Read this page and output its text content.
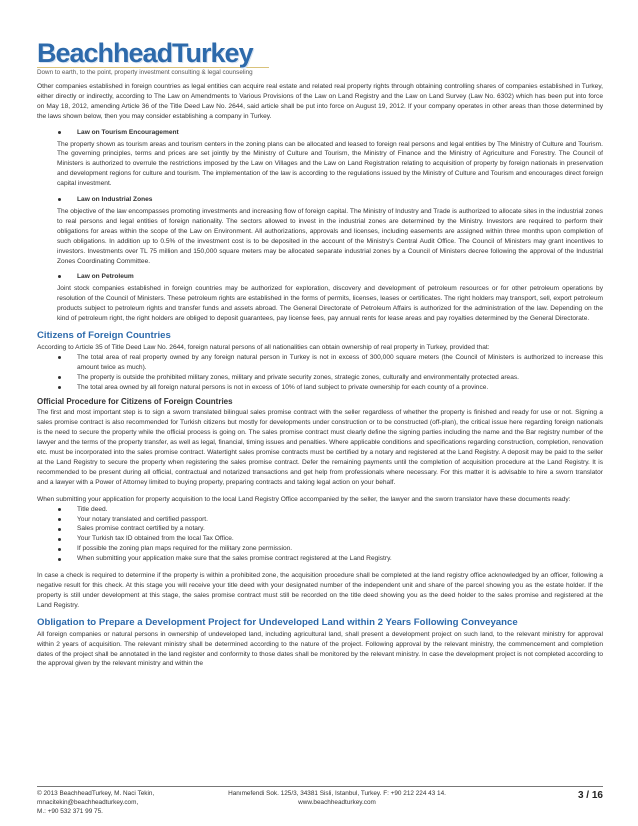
BeachheadTurkey
Down to earth, to the point, property investment consulting & legal counseling

Other companies established in foreign countries as legal entities can acquire real estate and related real property rights through obtaining controlling shares of companies established in Turkey, either directly or indirectly, according to The Law on Amendments to Various Provisions of the Law on Land Registry and the Law on Land Survey (Law No. 6302) which has been put into force on May 18, 2012, amending Article 36 of the Title Deed Law No. 2644, said article shall be put into force on August 19, 2012. If your company operates in other areas than those determined by the laws shown below, then you may consider establishing a company in Turkey.

Law on Tourism Encouragement

The property shown as tourism areas and tourism centers in the zoning plans can be allocated and leased to foreign real persons and legal entities by The Ministry of Culture and Tourism. The governing principles, terms and prices are set jointly by the Ministry of Culture and Tourism, the Ministry of Finance and the Ministry of Agriculture and Forestry. The Council of Ministers is authorized to overrule the restrictions imposed by the Law on Villages and the Law on Land Registration relating to acquisition of property by foreign nationals in preservation and development regions for culture and tourism. The implementation of the law is according to the regulations issued by the Ministry of Culture and Tourism and encourages direct foreign capital investment.

Law on Industrial Zones

The objective of the law encompasses promoting investments and increasing flow of foreign capital. The Ministry of Industry and Trade is authorized to allocate sites in the industrial zones to real persons and legal entities of foreign nationality. The sectors allowed to invest in the industrial zones are determined by the Ministry. Investors are required to perform their obligations for areas within the scope of the Law on Environment. All authorizations, approvals and licenses, including easements are assigned within three months upon completion of such obligations. In addition up to 0.5% of the investment cost is to be deposited in the account of the Ministry's Central Audit Office. The Council of Ministers may grant incentives to investors. Investments over TL 75 million and 150,000 square meters may be allocated separate industrial zones by a Council of Ministers decree following the approval of the Industrial Zones Coordinating Committee.

Law on Petroleum

Joint stock companies established in foreign countries may be authorized for exploration, discovery and development of petroleum resources or for other petroleum operations by resolution of the Council of Ministers. These petroleum rights are established in the forms of permits, licenses, leases or certificates. The right holders may transport, sell, export petroleum products subject to petroleum rights and transfer funds and assets abroad. The General Directorate of Petroleum Affairs is authorized for the administration of the law. Depending on the kind of petroleum right, the right holders are obliged to deposit guarantees, pay license fees, pay annual rents for lease areas and pay royalties determined by the General Directorate.

Citizens of Foreign Countries

According to Article 35 of Title Deed Law No. 2644, foreign natural persons of all nationalities can obtain ownership of real property in Turkey, provided that:

The total area of real property owned by any foreign natural person in Turkey is not in excess of 300,000 square meters (the Council of Ministers is authorized to increase this amount twice as much).
The property is outside the prohibited military zones, military and private security zones, strategic zones, culturally and environmentally protected areas.
The total area owned by all foreign natural persons is not in excess of 10% of land subject to private ownership for each county of a province.
Official Procedure for Citizens of Foreign Countries

The first and most important step is to sign a sworn translated bilingual sales promise contract with the seller regardless of whether the property is finished and ready for use or not. Signing a sales promise contract is also recommended for Turkish citizens but mostly for developments under construction or to be constructed (off-plan), the critical issue here regarding foreign nationals is the need to secure the property while the official process is going on. The sales promise contract must clearly define the signing parties including the name and the Bar registry number of the lawyer and the terms of the property transfer, as well as legal, financial, timing issues and penalties. Where applicable conditions and specifications regarding construction, completion, renovation etc. must be incorporated into the sales promise contract. Watertight sales promise contracts must be certified by a notary and registered at the Land Registry. A deposit may be paid to the seller at the Land Registry to secure the property when registering the sales promise contract. Defer the remaining payments until the completion of acquisition procedure at the Land Registry. It is recommended to be present during all official, contractual and notarized transactions and get help from professionals where necessary. For this matter it is advisable to hire a sworn translator and a lawyer with a Power of Attorney limited to buying property, preparing contracts and taking legal action on your behalf.

When submitting your application for property acquisition to the local Land Registry Office accompanied by the seller, the lawyer and the sworn translator have these documents ready:

Title deed.
Your notary translated and certified passport.
Sales promise contract certified by a notary.
Your Turkish tax ID obtained from the local Tax Office.
If possible the zoning plan maps required for the military zone permission.
When submitting your application make sure that the sales promise contract registered at the Land Registry.

In case a check is required to determine if the property is within a prohibited zone, the acquisition procedure shall be completed at the land registry office acknowledged by an officer, following a negative result for this check. At this stage you will receive your title deed with your designated number of the independent unit and share of the parcel showing you as the estate holder. If the property is still under development at this stage, the sales promise contract must still be recorded on the title deed showing you as the deed holder to the sales promise and registered at the Land Registry.

Obligation to Prepare a Development Project for Undeveloped Land within 2 Years Following Conveyance

All foreign companies or natural persons in ownership of undeveloped land, including agricultural land, shall present a development project on such land, to the relevant ministry for approval within 2 years of acquisition. The relevant ministry shall be determined according to the nature of the project. Following approval by the relevant ministry, the commencement and completion dates of the project shall be annotated in the land register and conformity to those dates shall be monitored by the relevant ministry. In case the development project is not completed according to the approval given by the relevant ministry and within the

© 2013 BeachheadTurkey, M. Naci Tekin,
mnacitekin@beachheadturkey.com,
M.: +90 532 371 99 75.
Hanımefendi Sok. 125/3, 34381 Sisli, Istanbul, Turkey. F: +90 212 224 43 14.
www.beachheadturkey.com
3 / 16
